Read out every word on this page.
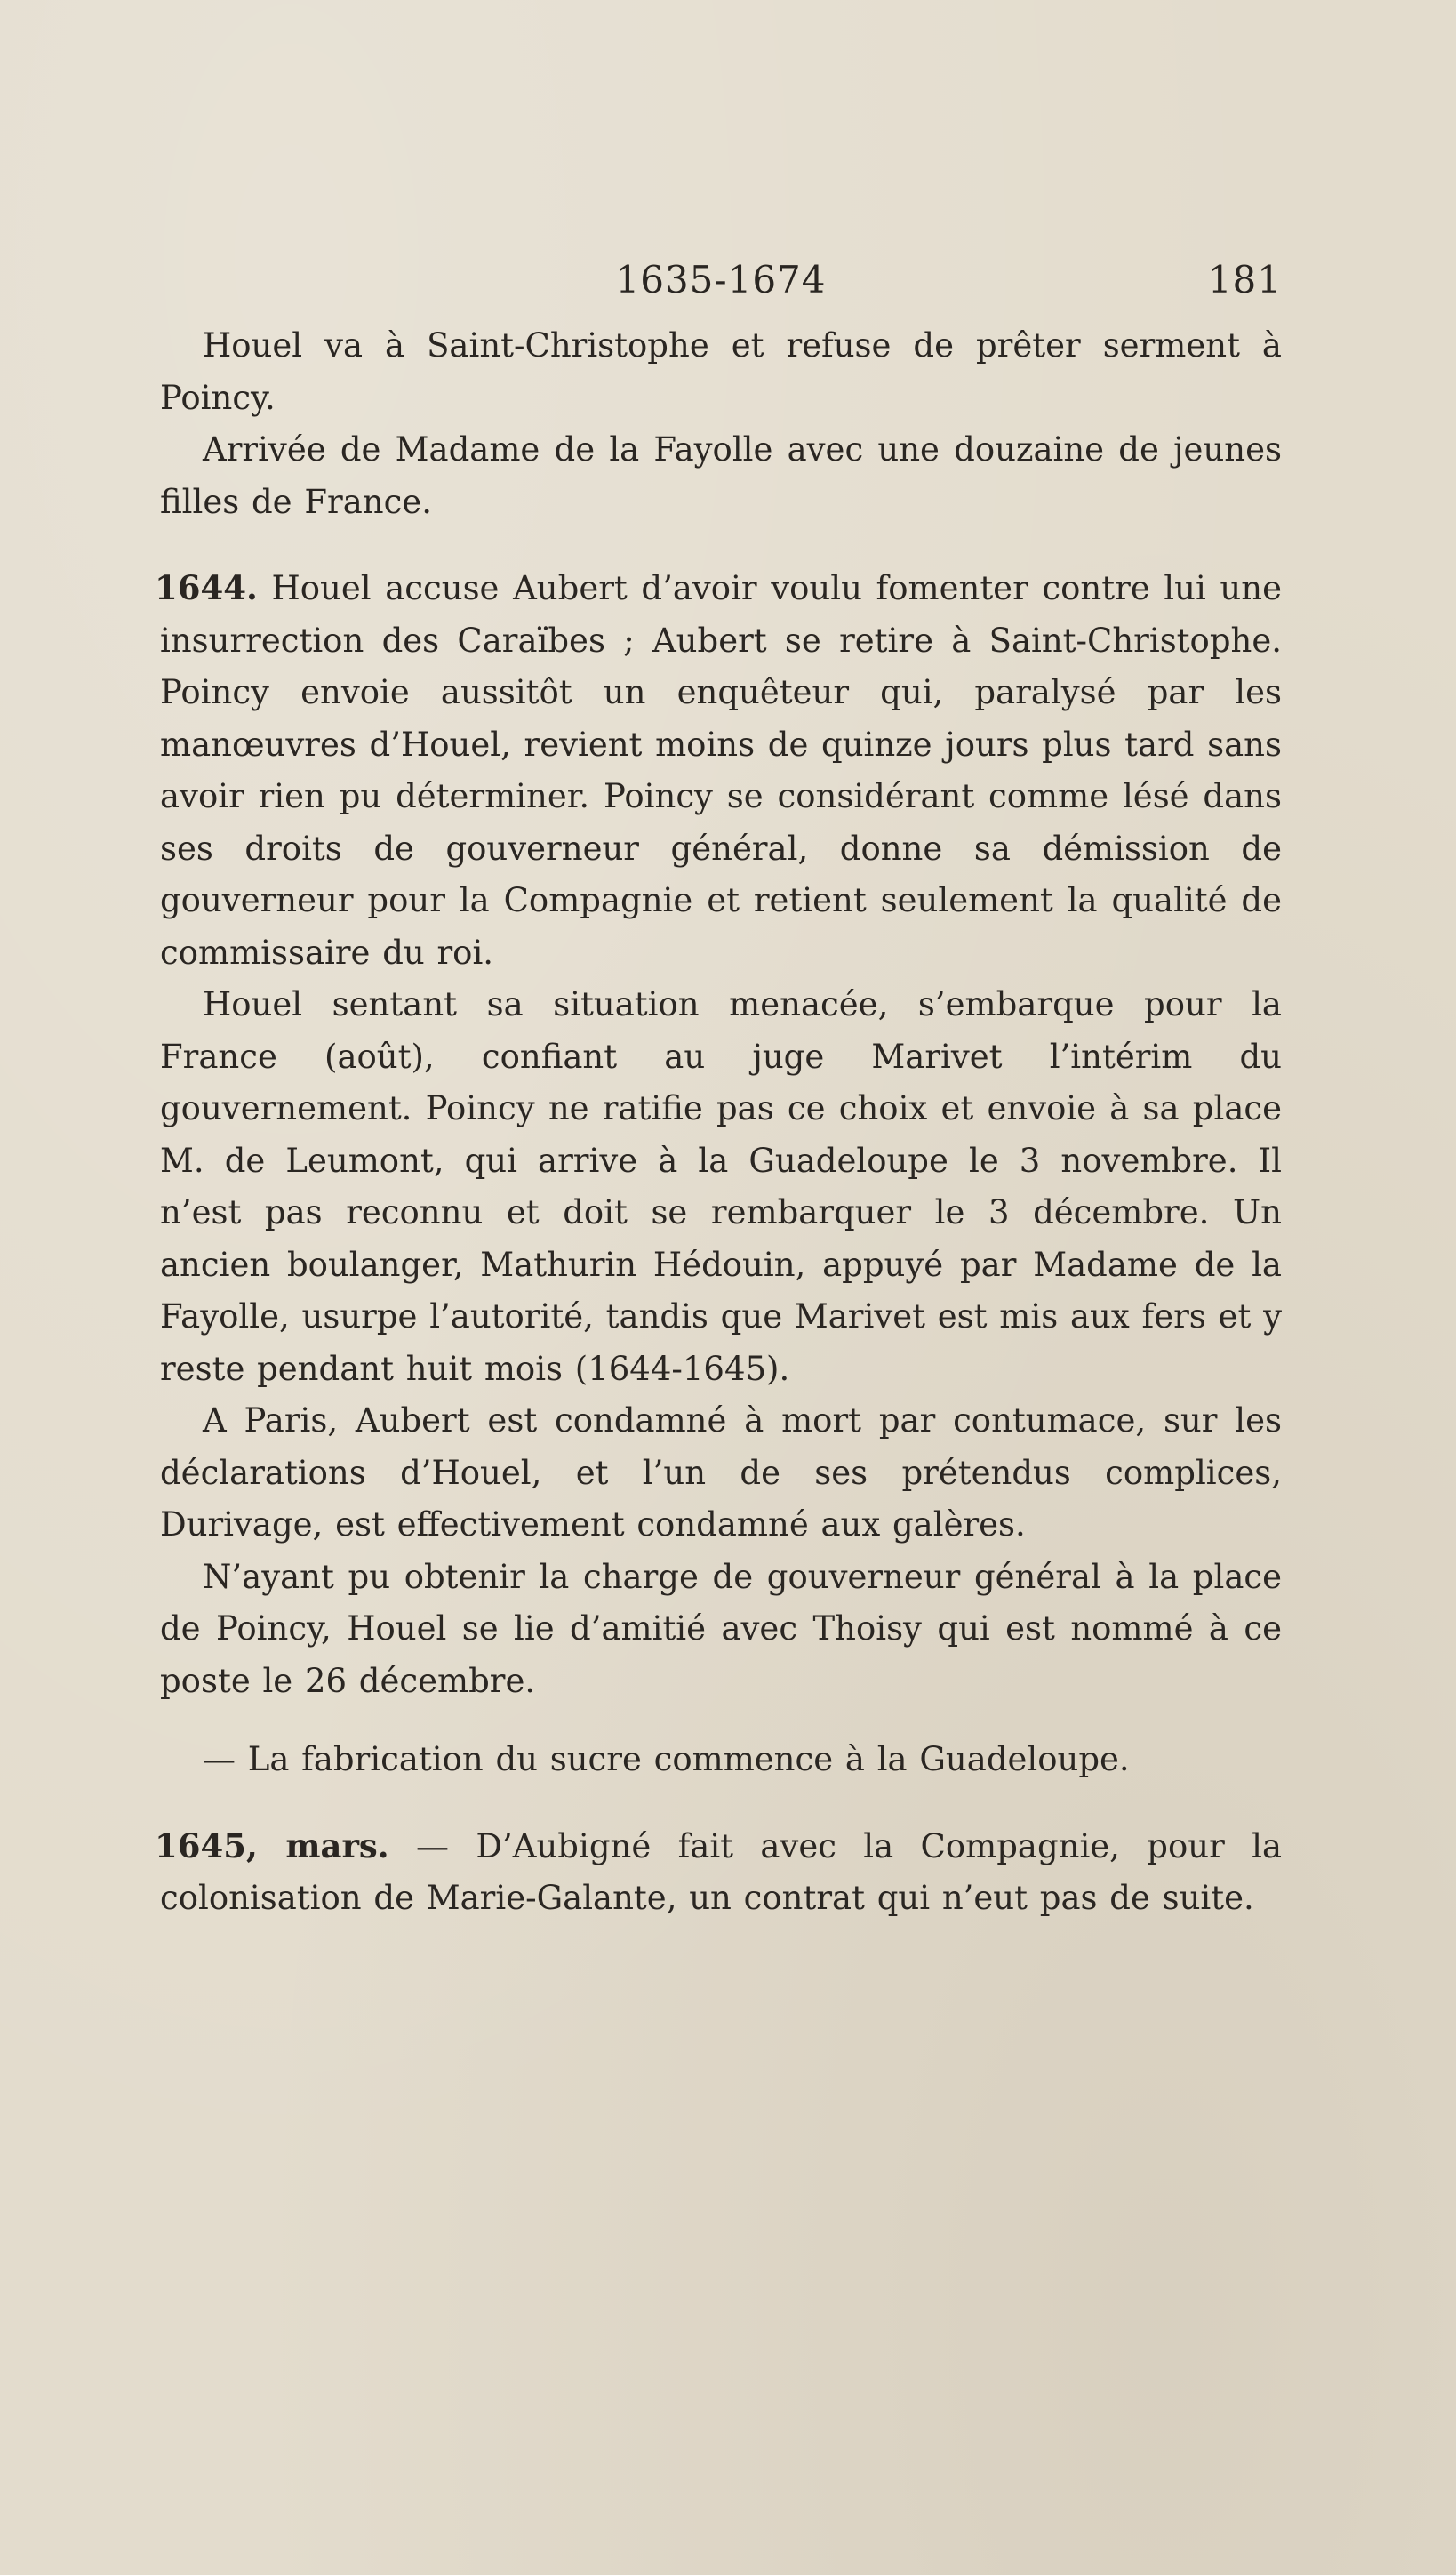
1635-1674	181

Houel va à Saint-Christophe et refuse de prêter serment à Poincy.

Arrivée de Madame de la Fayolle avec une douzaine de jeunes filles de France.

1644. Houel accuse Aubert d’avoir voulu fomenter contre lui une insurrection des Caraïbes ; Aubert se retire à Saint-Christophe. Poincy envoie aussitôt un enquêteur qui, paralysé par les manœuvres d’Houel, revient moins de quinze jours plus tard sans avoir rien pu déterminer. Poincy se considérant comme lésé dans ses droits de gouverneur général, donne sa démission de gouverneur pour la Compagnie et retient seulement la qualité de commissaire du roi.

Houel sentant sa situation menacée, s’embarque pour la France (août), confiant au juge Marivet l’intérim du gouvernement. Poincy ne ratifie pas ce choix et envoie à sa place M. de Leumont, qui arrive à la Guadeloupe le 3 novembre. Il n’est pas reconnu et doit se rembarquer le 3 décembre. Un ancien boulanger, Mathurin Hédouin, appuyé par Madame de la Fayolle, usurpe l’autorité, tandis que Marivet est mis aux fers et y reste pendant huit mois (1644-1645).

A Paris, Aubert est condamné à mort par contumace, sur les déclarations d’Houel, et l’un de ses prétendus complices, Durivage, est effectivement condamné aux galères.

N’ayant pu obtenir la charge de gouverneur général à la place de Poincy, Houel se lie d’amitié avec Thoisy qui est nommé à ce poste le 26 décembre.

— La fabrication du sucre commence à la Guadeloupe.

1645, mars. — D’Aubigné fait avec la Compagnie, pour la colonisation de Marie-Galante, un contrat qui n’eut pas de suite.
